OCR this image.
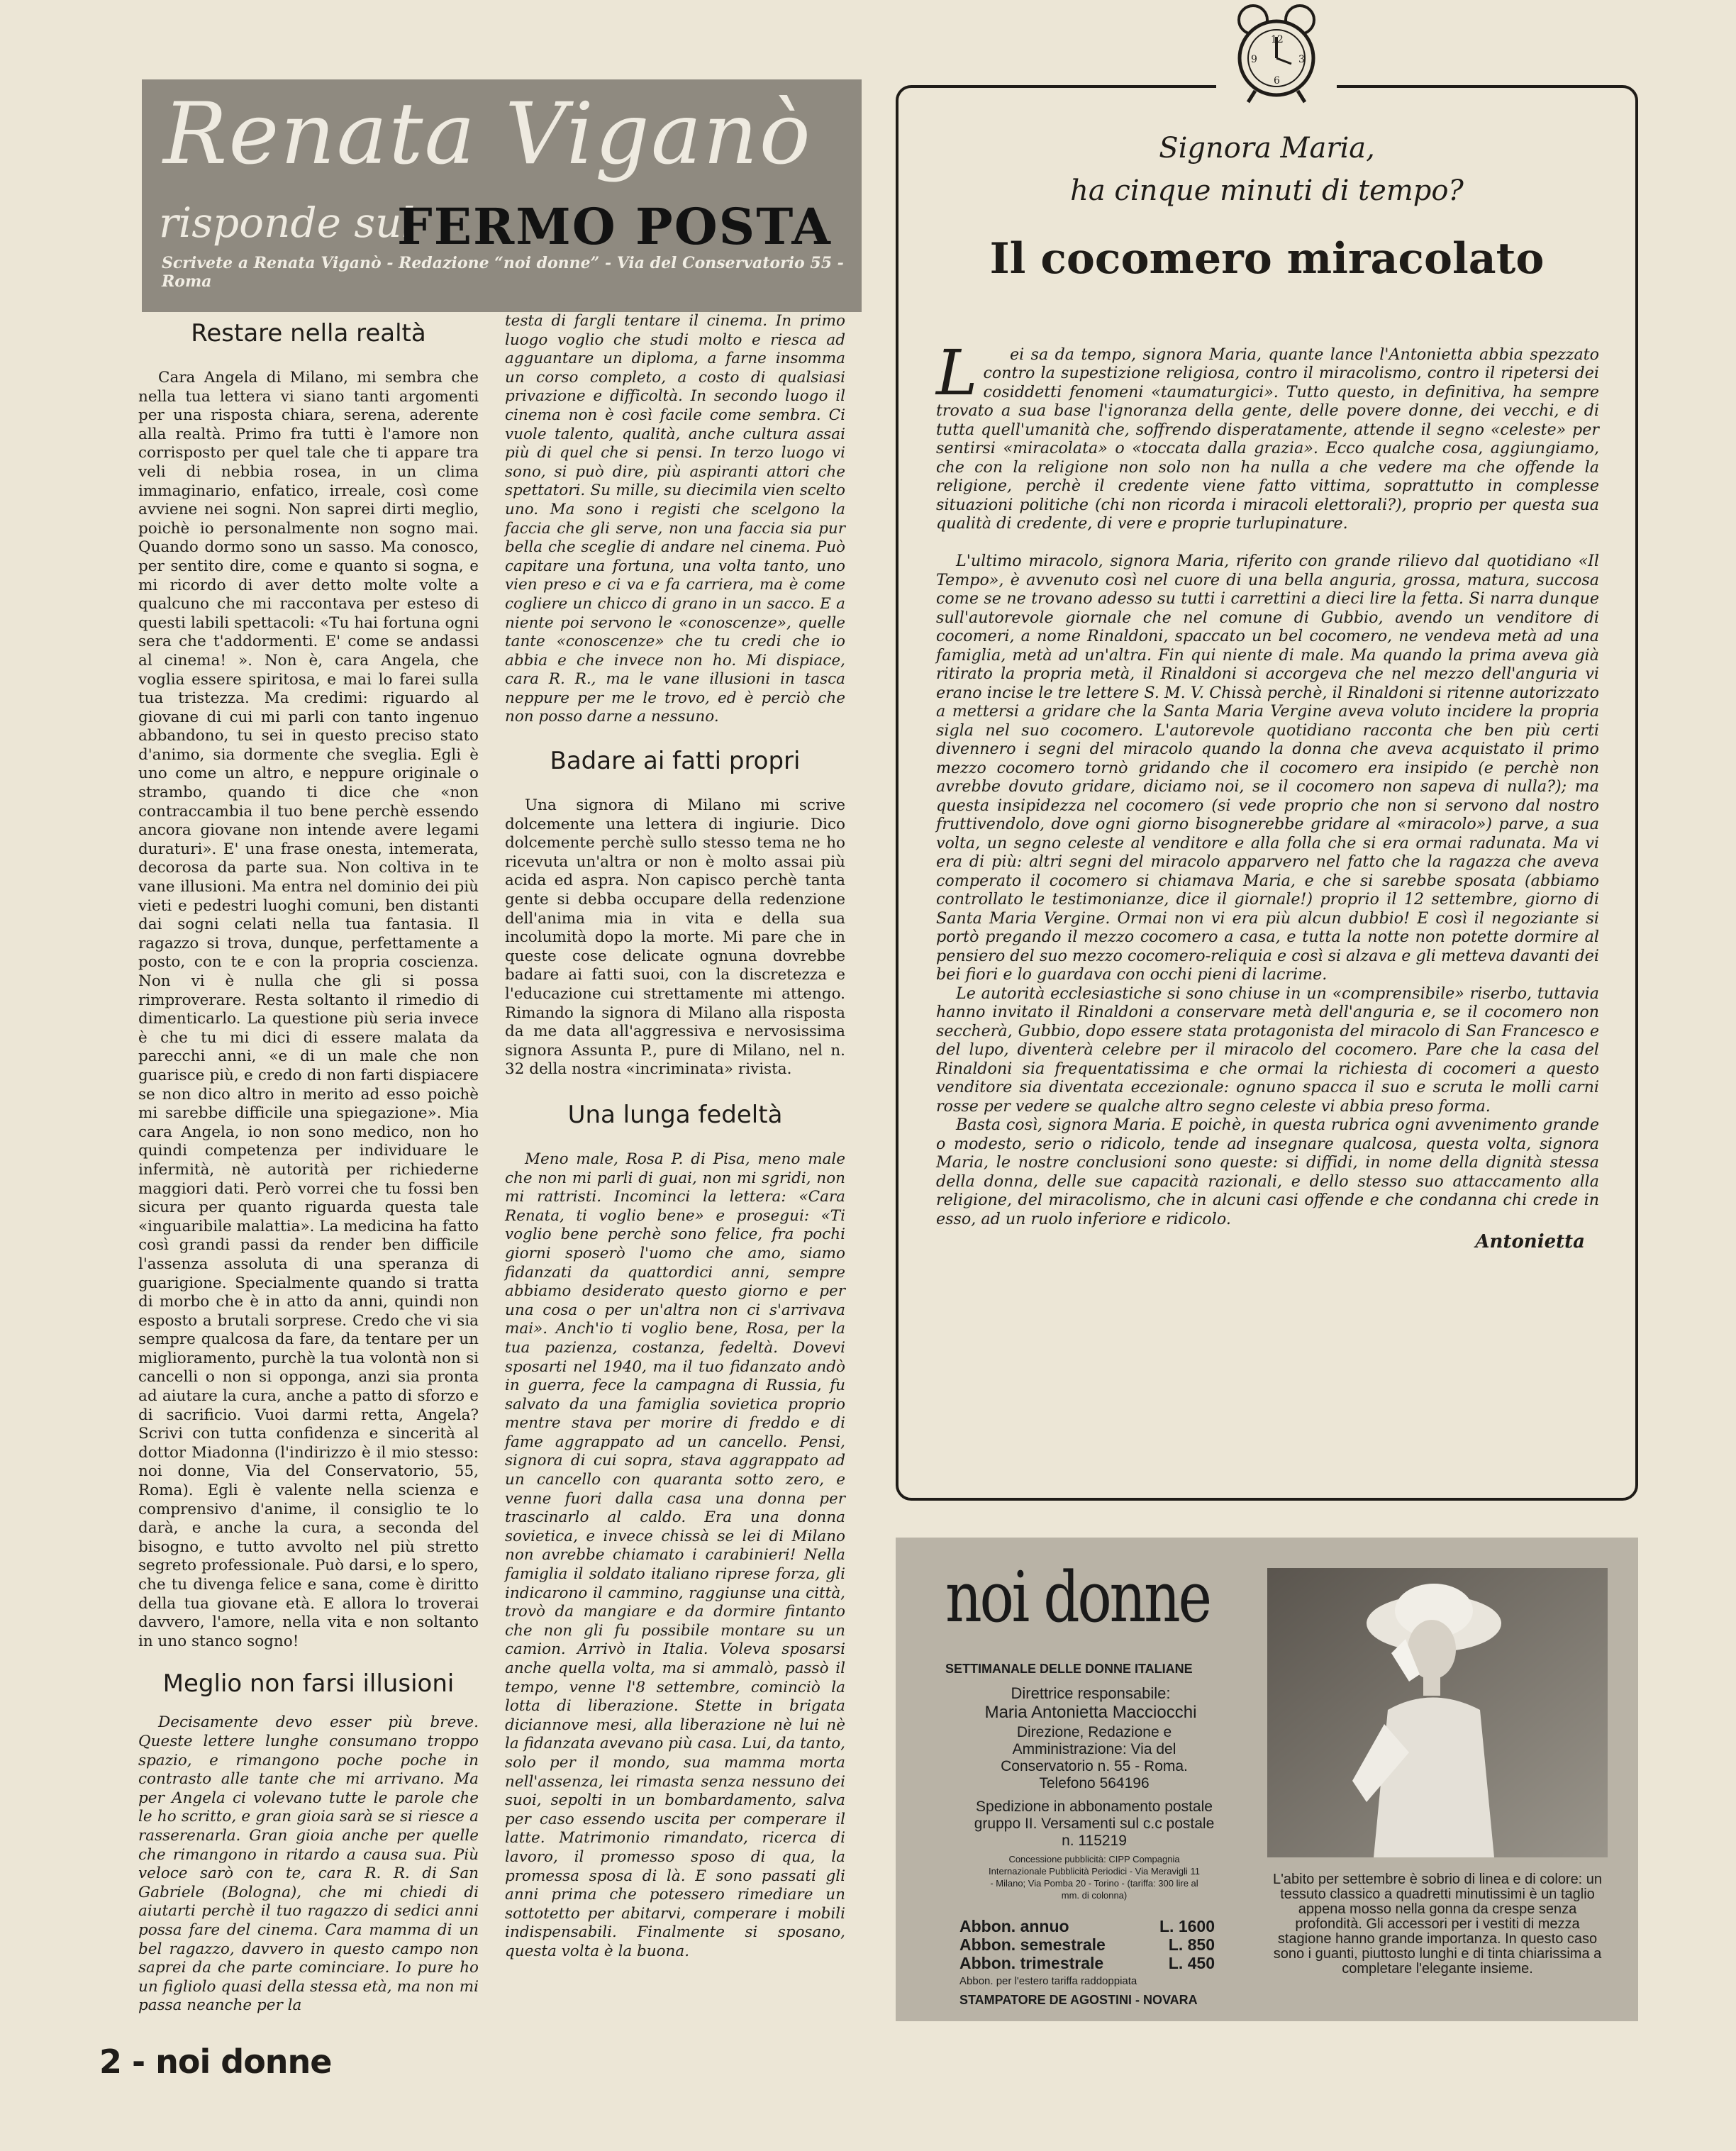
Renata Viganò
risponde sul
FERMO POSTA
Scrivete a Renata Viganò - Redazione “noi donne” - Via del Conservatorio 55 - Roma
Restare nella realtà

Cara Angela di Milano, mi sembra che nella tua lettera vi siano tanti argomenti per una risposta chiara, serena, aderente alla realtà. Primo fra tutti è l'amore non corrisposto per quel tale che ti appare tra veli di nebbia rosea, in un clima immaginario, enfatico, irreale, così come avviene nei sogni. Non saprei dirti meglio, poichè io personalmente non sogno mai. Quando dormo sono un sasso. Ma conosco, per sentito dire, come e quanto si sogna, e mi ricordo di aver detto molte volte a qualcuno che mi raccontava per esteso di questi labili spettacoli: «Tu hai fortuna ogni sera che t'addormenti. E' come se andassi al cinema! ». Non è, cara Angela, che voglia essere spiritosa, e mai lo farei sulla tua tristezza. Ma credimi: riguardo al giovane di cui mi parli con tanto ingenuo abbandono, tu sei in questo preciso stato d'animo, sia dormente che sveglia. Egli è uno come un altro, e neppure originale o strambo, quando ti dice che «non contraccambia il tuo bene perchè essendo ancora giovane non intende avere legami duraturi». E' una frase onesta, intemerata, decorosa da parte sua. Non coltiva in te vane illusioni. Ma entra nel dominio dei più vieti e pedestri luoghi comuni, ben distanti dai sogni celati nella tua fantasia. Il ragazzo si trova, dunque, perfettamente a posto, con te e con la propria coscienza. Non vi è nulla che gli si possa rimproverare. Resta soltanto il rimedio di dimenticarlo. La questione più seria invece è che tu mi dici di essere malata da parecchi anni, «e di un male che non guarisce più, e credo di non farti dispiacere se non dico altro in merito ad esso poichè mi sarebbe difficile una spiegazione». Mia cara Angela, io non sono medico, non ho quindi competenza per individuare le infermità, nè autorità per richiederne maggiori dati. Però vorrei che tu fossi ben sicura per quanto riguarda questa tale «inguaribile malattia». La medicina ha fatto così grandi passi da render ben difficile l'assenza assoluta di una speranza di guarigione. Specialmente quando si tratta di morbo che è in atto da anni, quindi non esposto a brutali sorprese. Credo che vi sia sempre qualcosa da fare, da tentare per un miglioramento, purchè la tua volontà non si cancelli o non si opponga, anzi sia pronta ad aiutare la cura, anche a patto di sforzo e di sacrificio. Vuoi darmi retta, Angela? Scrivi con tutta confidenza e sincerità al dottor Miadonna (l'indirizzo è il mio stesso: noi donne, Via del Conservatorio, 55, Roma). Egli è valente nella scienza e comprensivo d'anime, il consiglio te lo darà, e anche la cura, a seconda del bisogno, e tutto avvolto nel più stretto segreto professionale. Può darsi, e lo spero, che tu divenga felice e sana, come è diritto della tua giovane età. E allora lo troverai davvero, l'amore, nella vita e non soltanto in uno stanco sogno!

Meglio non farsi illusioni

Decisamente devo esser più breve. Queste lettere lunghe consumano troppo spazio, e rimangono poche poche in contrasto alle tante che mi arrivano. Ma per Angela ci volevano tutte le parole che le ho scritto, e gran gioia sarà se si riesce a rasserenarla. Gran gioia anche per quelle che rimangono in ritardo a causa sua. Più veloce sarò con te, cara R. R. di San Gabriele (Bologna), che mi chiedi di aiutarti perchè il tuo ragazzo di sedici anni possa fare del cinema. Cara mamma di un bel ragazzo, davvero in questo campo non saprei da che parte cominciare. Io pure ho un figliolo quasi della stessa età, ma non mi passa neanche per la

testa di fargli tentare il cinema. In primo luogo voglio che studi molto e riesca ad agguantare un diploma, a farne insomma un corso completo, a costo di qualsiasi privazione e difficoltà. In secondo luogo il cinema non è così facile come sembra. Ci vuole talento, qualità, anche cultura assai più di quel che si pensi. In terzo luogo vi sono, si può dire, più aspiranti attori che spettatori. Su mille, su diecimila vien scelto uno. Ma sono i registi che scelgono la faccia che gli serve, non una faccia sia pur bella che sceglie di andare nel cinema. Può capitare una fortuna, una volta tanto, uno vien preso e ci va e fa carriera, ma è come cogliere un chicco di grano in un sacco. E a niente poi servono le «conoscenze», quelle tante «conoscenze» che tu credi che io abbia e che invece non ho. Mi dispiace, cara R. R., ma le vane illusioni in tasca neppure per me le trovo, ed è perciò che non posso darne a nessuno.

Badare ai fatti propri

Una signora di Milano mi scrive dolcemente una lettera di ingiurie. Dico dolcemente perchè sullo stesso tema ne ho ricevuta un'altra or non è molto assai più acida ed aspra. Non capisco perchè tanta gente si debba occupare della redenzione dell'anima mia in vita e della sua incolumità dopo la morte. Mi pare che in queste cose delicate ognuna dovrebbe badare ai fatti suoi, con la discretezza e l'educazione cui strettamente mi attengo. Rimando la signora di Milano alla risposta da me data all'aggressiva e nervosissima signora Assunta P., pure di Milano, nel n. 32 della nostra «incriminata» rivista.

Una lunga fedeltà

Meno male, Rosa P. di Pisa, meno male che non mi parli di guai, non mi sgridi, non mi rattristi. Incominci la lettera: «Cara Renata, ti voglio bene» e prosegui: «Ti voglio bene perchè sono felice, fra pochi giorni sposerò l'uomo che amo, siamo fidanzati da quattordici anni, sempre abbiamo desiderato questo giorno e per una cosa o per un'altra non ci s'arrivava mai». Anch'io ti voglio bene, Rosa, per la tua pazienza, costanza, fedeltà. Dovevi sposarti nel 1940, ma il tuo fidanzato andò in guerra, fece la campagna di Russia, fu salvato da una famiglia sovietica proprio mentre stava per morire di freddo e di fame aggrappato ad un cancello. Pensi, signora di cui sopra, stava aggrappato ad un cancello con quaranta sotto zero, e venne fuori dalla casa una donna per trascinarlo al caldo. Era una donna sovietica, e invece chissà se lei di Milano non avrebbe chiamato i carabinieri! Nella famiglia il soldato italiano riprese forza, gli indicarono il cammino, raggiunse una città, trovò da mangiare e da dormire fintanto che non gli fu possibile montare su un camion. Arrivò in Italia. Voleva sposarsi anche quella volta, ma si ammalò, passò il tempo, venne l'8 settembre, cominciò la lotta di liberazione. Stette in brigata diciannove mesi, alla liberazione nè lui nè la fidanzata avevano più casa. Lui, da tanto, solo per il mondo, sua mamma morta nell'assenza, lei rimasta senza nessuno dei suoi, sepolti in un bombardamento, salva per caso essendo uscita per comperare il latte. Matrimonio rimandato, ricerca di lavoro, il promesso sposo di qua, la promessa sposa di là. E sono passati gli anni prima che potessero rimediare un sottotetto per abitarvi, comperare i mobili indispensabili. Finalmente si sposano, questa volta è la buona.

12
3
6
9
Signora Maria,
ha cinque minuti di tempo?
Il cocomero miracolato

L ei sa da tempo, signora Maria, quante lance l'Antonietta abbia spezzato contro la supestizione religiosa, contro il miracolismo, contro il ripetersi dei cosiddetti fenomeni «taumaturgici». Tutto questo, in definitiva, ha sempre trovato a sua base l'ignoranza della gente, delle povere donne, dei vecchi, e di tutta quell'umanità che, soffrendo disperatamente, attende il segno «celeste» per sentirsi «miracolata» o «toccata dalla grazia». Ecco qualche cosa, aggiungiamo, che con la religione non solo non ha nulla a che vedere ma che offende la religione, perchè il credente viene fatto vittima, soprattutto in complesse situazioni politiche (chi non ricorda i miracoli elettorali?), proprio per questa sua qualità di credente, di vere e proprie turlupinature.

L'ultimo miracolo, signora Maria, riferito con grande rilievo dal quotidiano «Il Tempo», è avvenuto così nel cuore di una bella anguria, grossa, matura, succosa come se ne trovano adesso su tutti i carrettini a dieci lire la fetta. Si narra dunque sull'autorevole giornale che nel comune di Gubbio, avendo un venditore di cocomeri, a nome Rinaldoni, spaccato un bel cocomero, ne vendeva metà ad una famiglia, metà ad un'altra. Fin qui niente di male. Ma quando la prima aveva già ritirato la propria metà, il Rinaldoni si accorgeva che nel mezzo dell'anguria vi erano incise le tre lettere S. M. V. Chissà perchè, il Rinaldoni si ritenne autorizzato a mettersi a gridare che la Santa Maria Vergine aveva voluto incidere la propria sigla nel suo cocomero. L'autorevole quotidiano racconta che ben più certi divennero i segni del miracolo quando la donna che aveva acquistato il primo mezzo cocomero tornò gridando che il cocomero era insipido (e perchè non avrebbe dovuto gridare, diciamo noi, se il cocomero non sapeva di nulla?); ma questa insipidezza nel cocomero (si vede proprio che non si servono dal nostro fruttivendolo, dove ogni giorno bisognerebbe gridare al «miracolo») parve, a sua volta, un segno celeste al venditore e alla folla che si era ormai radunata. Ma vi era di più: altri segni del miracolo apparvero nel fatto che la ragazza che aveva comperato il cocomero si chiamava Maria, e che si sarebbe sposata (abbiamo controllato le testimonianze, dice il giornale!) proprio il 12 settembre, giorno di Santa Maria Vergine. Ormai non vi era più alcun dubbio! E così il negoziante si portò pregando il mezzo cocomero a casa, e tutta la notte non potette dormire al pensiero del suo mezzo cocomero-reliquia e così si alzava e gli metteva davanti dei bei fiori e lo guardava con occhi pieni di lacrime.

Le autorità ecclesiastiche si sono chiuse in un «comprensibile» riserbo, tuttavia hanno invitato il Rinaldoni a conservare metà dell'anguria e, se il cocomero non seccherà, Gubbio, dopo essere stata protagonista del miracolo di San Francesco e del lupo, diventerà celebre per il miracolo del cocomero. Pare che la casa del Rinaldoni sia frequentatissima e che ormai la richiesta di cocomeri a questo venditore sia diventata eccezionale: ognuno spacca il suo e scruta le molli carni rosse per vedere se qualche altro segno celeste vi abbia preso forma.

Basta così, signora Maria. E poichè, in questa rubrica ogni avvenimento grande o modesto, serio o ridicolo, tende ad insegnare qualcosa, questa volta, signora Maria, le nostre conclusioni sono queste: si diffidi, in nome della dignità stessa della donna, delle sue capacità razionali, e dello stesso suo attaccamento alla religione, del miracolismo, che in alcuni casi offende e che condanna chi crede in esso, ad un ruolo inferiore e ridicolo.

Antonietta
noi donne
SETTIMANALE DELLE DONNE ITALIANE
Direttrice responsabile:
Maria Antonietta Macciocchi
Direzione, Redazione e Amministrazione: Via del Conservatorio n. 55 - Roma. Telefono 564196
Spedizione in abbonamento postale gruppo II. Versamenti sul c.c postale n. 115219
Concessione pubblicità: CIPP Compagnia Internazionale Pubblicità Periodici - Via Meravigli 11 - Milano; Via Pomba 20 - Torino - (tariffa: 300 lire al mm. di colonna)
Abbon. annuo	L. 1600
Abbon. semestrale	L. 850
Abbon. trimestrale	L. 450
Abbon. per l'estero tariffa raddoppiata
STAMPATORE DE AGOSTINI - NOVARA
L'abito per settembre è sobrio di linea e di colore: un tessuto classico a quadretti minutissimi è un taglio appena mosso nella gonna da crespe senza profondità. Gli accessori per i vestiti di mezza stagione hanno grande importanza. In questo caso sono i guanti, piuttosto lunghi e di tinta chiarissima a completare l'elegante insieme.
2 - noi donne
